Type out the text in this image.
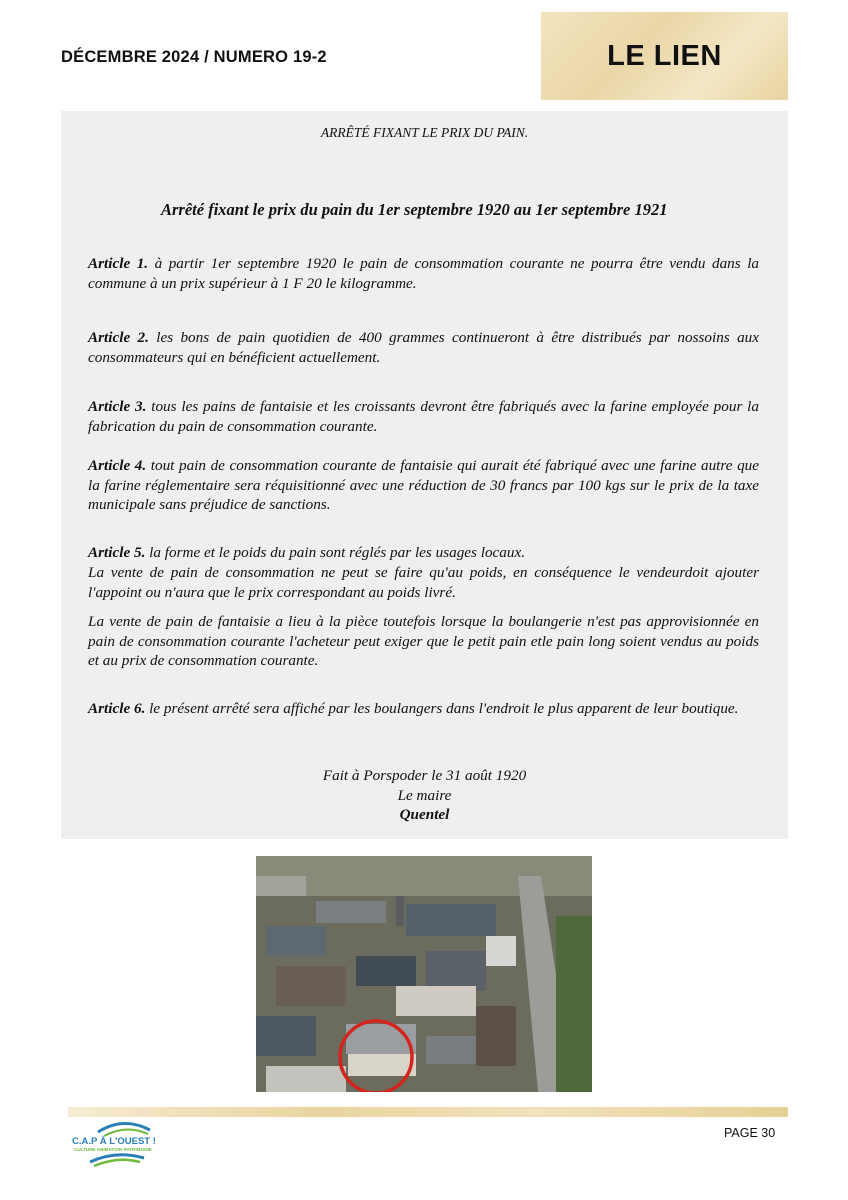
DÉCEMBRE 2024 / NUMERO 19-2	LE LIEN

ARRÊTÉ FIXANT LE PRIX DU PAIN.

Arrêté fixant le prix du pain du 1er septembre 1920 au 1er septembre 1921

Article 1. à partir 1er septembre 1920 le pain de consommation courante ne pourra être vendu dans la commune à un prix supérieur à 1 F 20 le kilogramme.

Article 2. les bons de pain quotidien de 400 grammes continueront à être distribués par nossoins aux consommateurs qui en bénéficient actuellement.

Article 3. tous les pains de fantaisie et les croissants devront être fabriqués avec la farine employée pour la fabrication du pain de consommation courante.

Article 4. tout pain de consommation courante de fantaisie qui aurait été fabriqué avec une farine autre que la farine réglementaire sera réquisitionné avec une réduction de 30 francs par 100 kgs sur le prix de la taxe municipale sans préjudice de sanctions.

Article 5. la forme et le poids du pain sont réglés par les usages locaux.

La vente de pain de consommation ne peut se faire qu'au poids, en conséquence le vendeurdoit ajouter l'appoint ou n'aura que le prix correspondant au poids livré.

La vente de pain de fantaisie a lieu à la pièce toutefois lorsque la boulangerie n'est pas approvisionnée en pain de consommation courante l'acheteur peut exiger que le petit pain etle pain long soient vendus au poids et au prix de consommation courante.

Article 6. le présent arrêté sera affiché par les boulangers dans l'endroit le plus apparent de leur boutique.

Fait à Porspoder le 31 août 1920
Le maire
Quentel

C.A.P À L'OUEST !
CULTURE ANIMATION PATRIMOINE
PAGE 30
